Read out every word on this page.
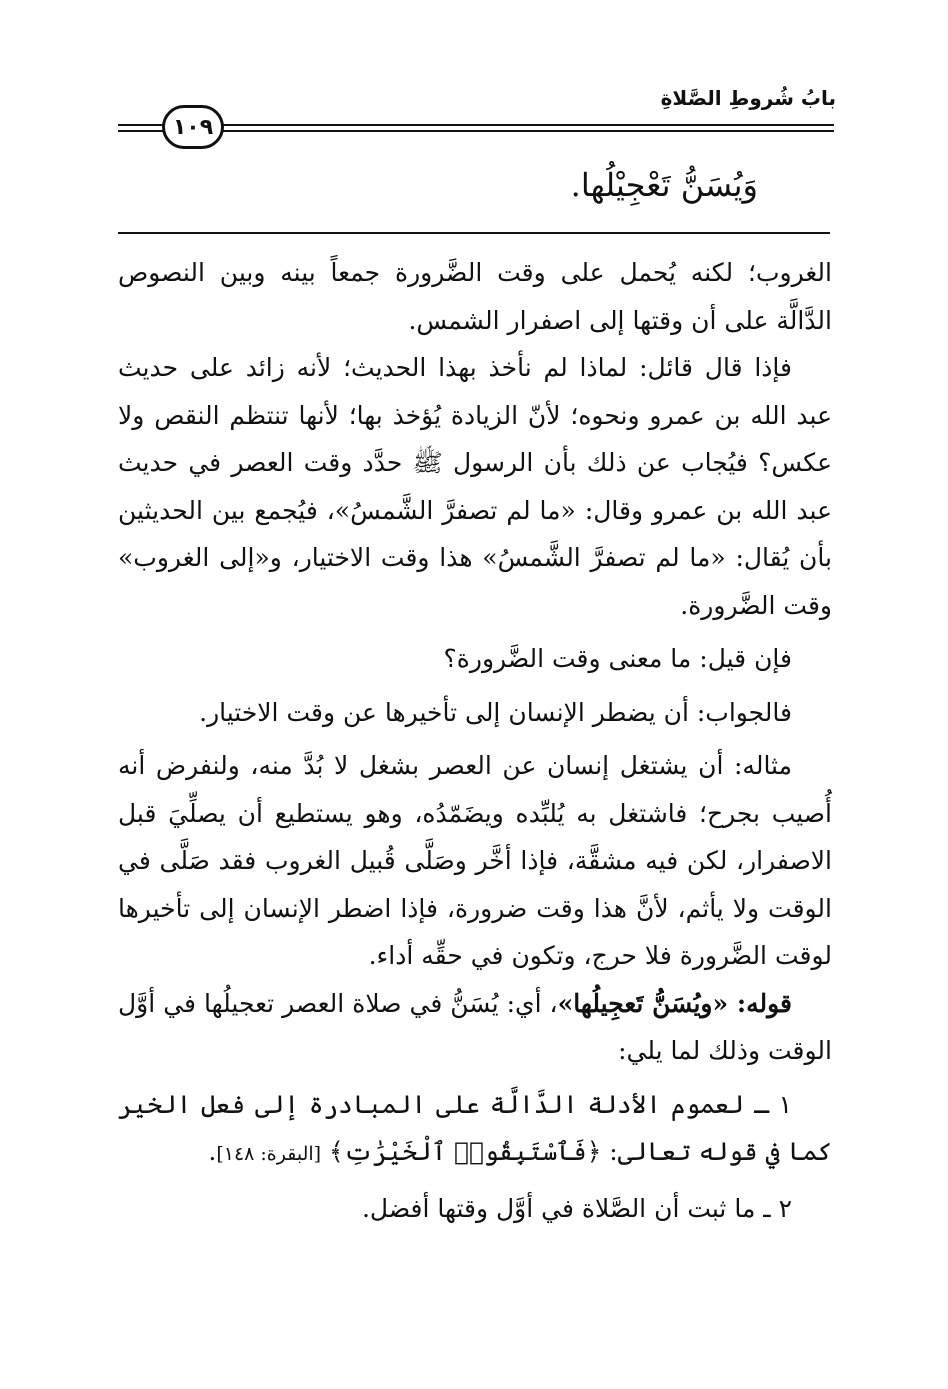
بابُ شُروطِ الصَّلاةِ
١٠٩
وَيُسَنُّ تَعْجِيْلُها.

الغروب؛ لكنه يُحمل على وقت الضَّرورة جمعاً بينه وبين النصوص الدَّالَّة على أن وقتها إلى اصفرار الشمس.

فإذا قال قائل: لماذا لم نأخذ بهذا الحديث؛ لأنه زائد على حديث عبد الله بن عمرو ونحوه؛ لأنّ الزيادة يُؤخذ بها؛ لأنها تنتظم النقص ولا عكس؟ فيُجاب عن ذلك بأن الرسول ﷺ حدَّد وقت العصر في حديث عبد الله بن عمرو وقال: «ما لم تصفرَّ الشَّمسُ»، فيُجمع بين الحديثين بأن يُقال: «ما لم تصفرَّ الشَّمسُ» هذا وقت الاختيار، و«إلى الغروب» وقت الضَّرورة.

فإن قيل: ما معنى وقت الضَّرورة؟

فالجواب: أن يضطر الإنسان إلى تأخيرها عن وقت الاختيار.

مثاله: أن يشتغل إنسان عن العصر بشغل لا بُدَّ منه، ولنفرض أنه أُصيب بجرح؛ فاشتغل به يُلبِّده ويضَمّدُه، وهو يستطيع أن يصلِّيَ قبل الاصفرار، لكن فيه مشقَّة، فإذا أخَّر وصَلَّى قُبيل الغروب فقد صَلَّى في الوقت ولا يأثم، لأنَّ هذا وقت ضرورة، فإذا اضطر الإنسان إلى تأخيرها لوقت الضَّرورة فلا حرج، وتكون في حقِّه أداء.

قوله: «ويُسَنُّ تَعجِيلُها»، أي: يُسَنُّ في صلاة العصر تعجيلُها في أوَّل الوقت وذلك لما يلي:

١ ـ لعموم الأدلة الدَّالَّة على المبادرة إلى فعل الخير كما في قوله تعالى: ﴿فَٱسْتَبِقُوا۟ ٱلْخَيْرَٰتِ﴾ [البقرة: ١٤٨].

٢ ـ ما ثبت أن الصَّلاة في أوَّل وقتها أفضل.
